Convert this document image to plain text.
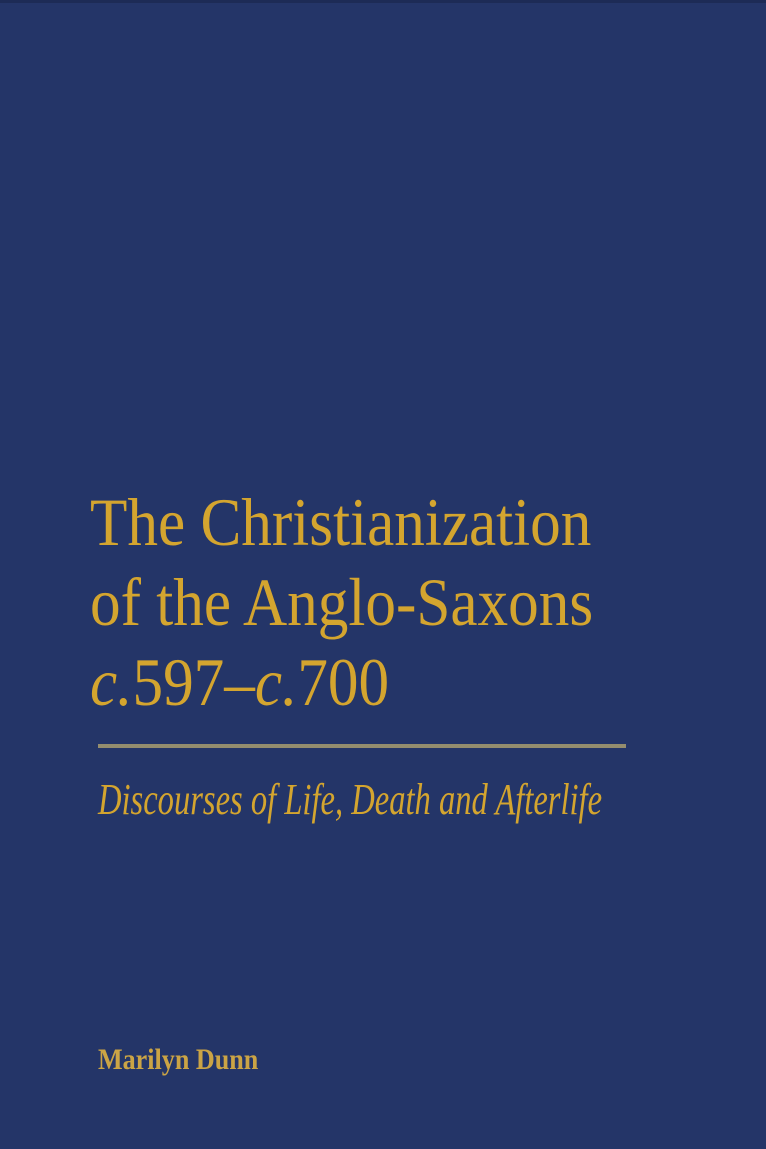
The Christianization
of the Anglo-Saxons
c.597–c.700
Discourses of Life, Death and Afterlife

Marilyn Dunn
